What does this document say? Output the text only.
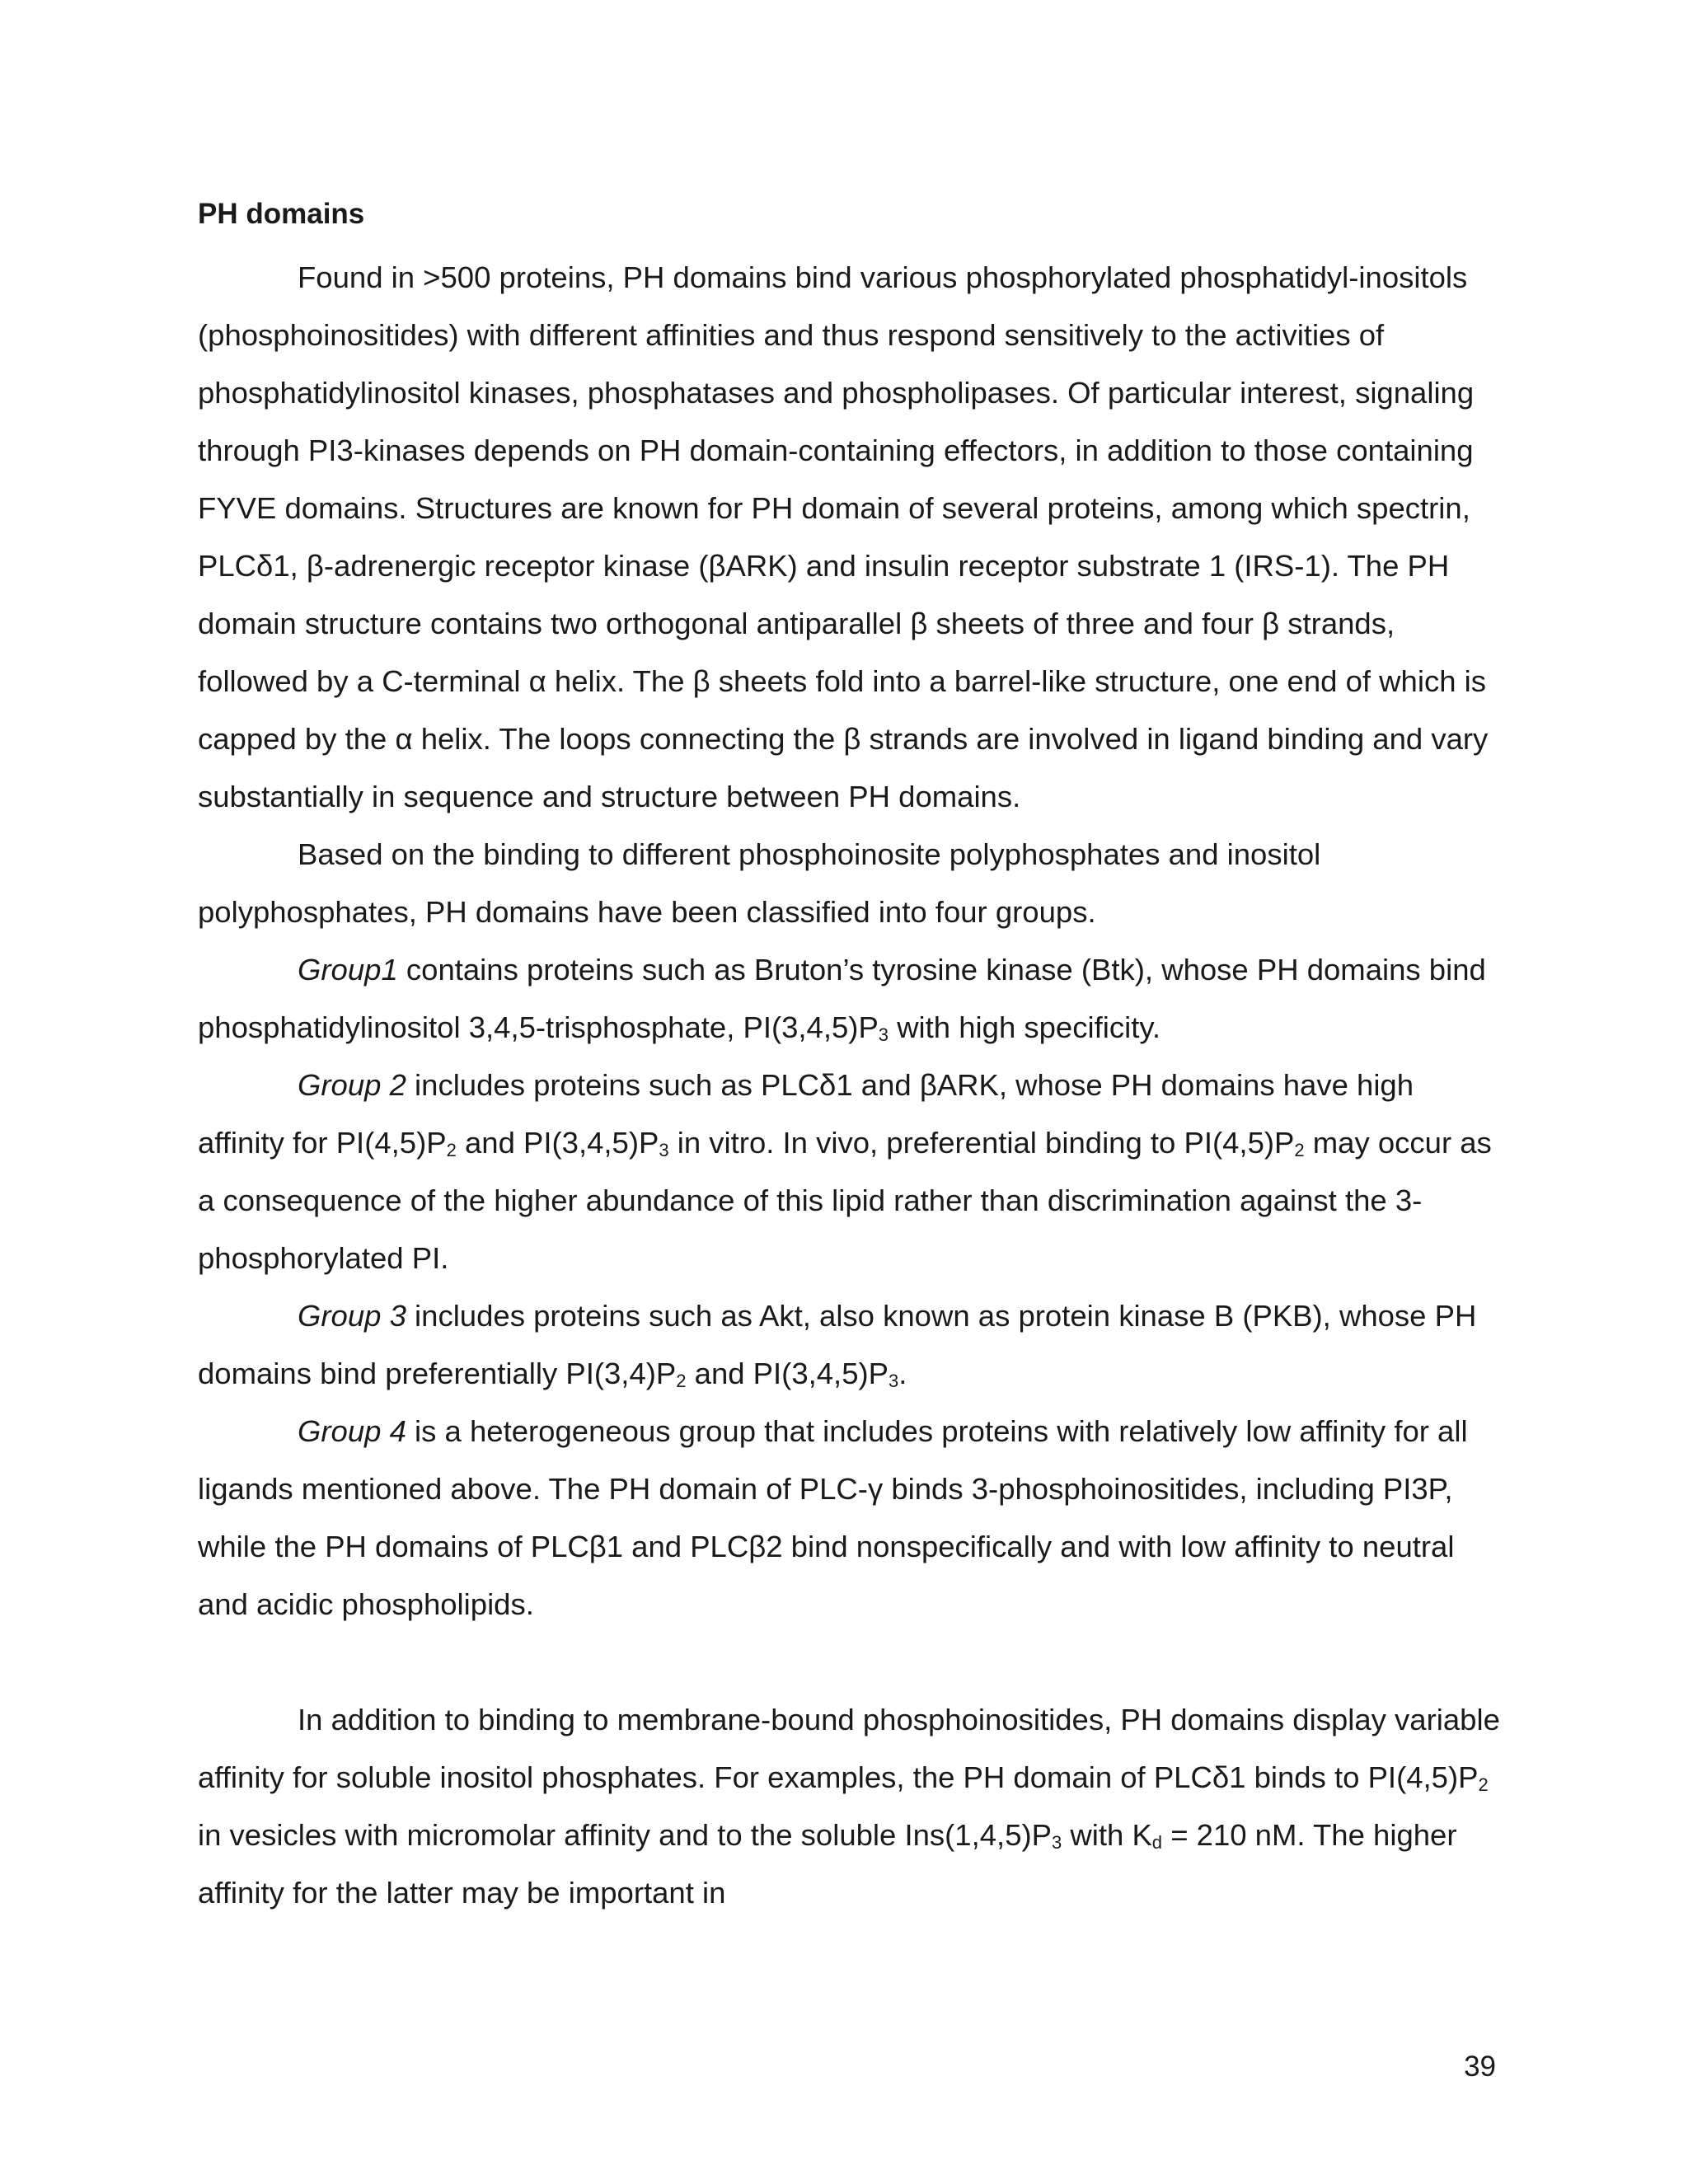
PH domains

Found in >500 proteins, PH domains bind various phosphorylated phosphatidyl-inositols (phosphoinositides) with different affinities and thus respond sensitively to the activities of phosphatidylinositol kinases, phosphatases and phospholipases. Of particular interest, signaling through PI3-kinases depends on PH domain-containing effectors, in addition to those containing FYVE domains. Structures are known for PH domain of several proteins, among which spectrin, PLCδ1, β-adrenergic receptor kinase (βARK) and insulin receptor substrate 1 (IRS-1). The PH domain structure contains two orthogonal antiparallel β sheets of three and four β strands, followed by a C-terminal α helix. The β sheets fold into a barrel-like structure, one end of which is capped by the α helix. The loops connecting the β strands are involved in ligand binding and vary substantially in sequence and structure between PH domains.

Based on the binding to different phosphoinosite polyphosphates and inositol polyphosphates, PH domains have been classified into four groups.

Group1 contains proteins such as Bruton’s tyrosine kinase (Btk), whose PH domains bind phosphatidylinositol 3,4,5-trisphosphate, $PI(3,4,5)P_3$ with high specificity.

Group 2 includes proteins such as PLCδ1 and βARK, whose PH domains have high affinity for $PI(4,5)P_2$ and $PI(3,4,5)P_3$ in vitro. In vivo, preferential binding to $PI(4,5)P_2$ may occur as a consequence of the higher abundance of this lipid rather than discrimination against the 3-phosphorylated PI.

Group 3 includes proteins such as Akt, also known as protein kinase B (PKB), whose PH domains bind preferentially $PI(3,4)P_2$ and $PI(3,4,5)P_3$.

Group 4 is a heterogeneous group that includes proteins with relatively low affinity for all ligands mentioned above. The PH domain of PLC-γ binds 3-phosphoinositides, including PI3P, while the PH domains of PLCβ1 and PLCβ2 bind nonspecifically and with low affinity to neutral and acidic phospholipids.

In addition to binding to membrane-bound phosphoinositides, PH domains display variable affinity for soluble inositol phosphates. For examples, the PH domain of PLCδ1 binds to $PI(4,5)P_2$ in vesicles with micromolar affinity and to the soluble $Ins(1,4,5)P_3$ with $K_d = 210$ nM. The higher affinity for the latter may be important in

39
